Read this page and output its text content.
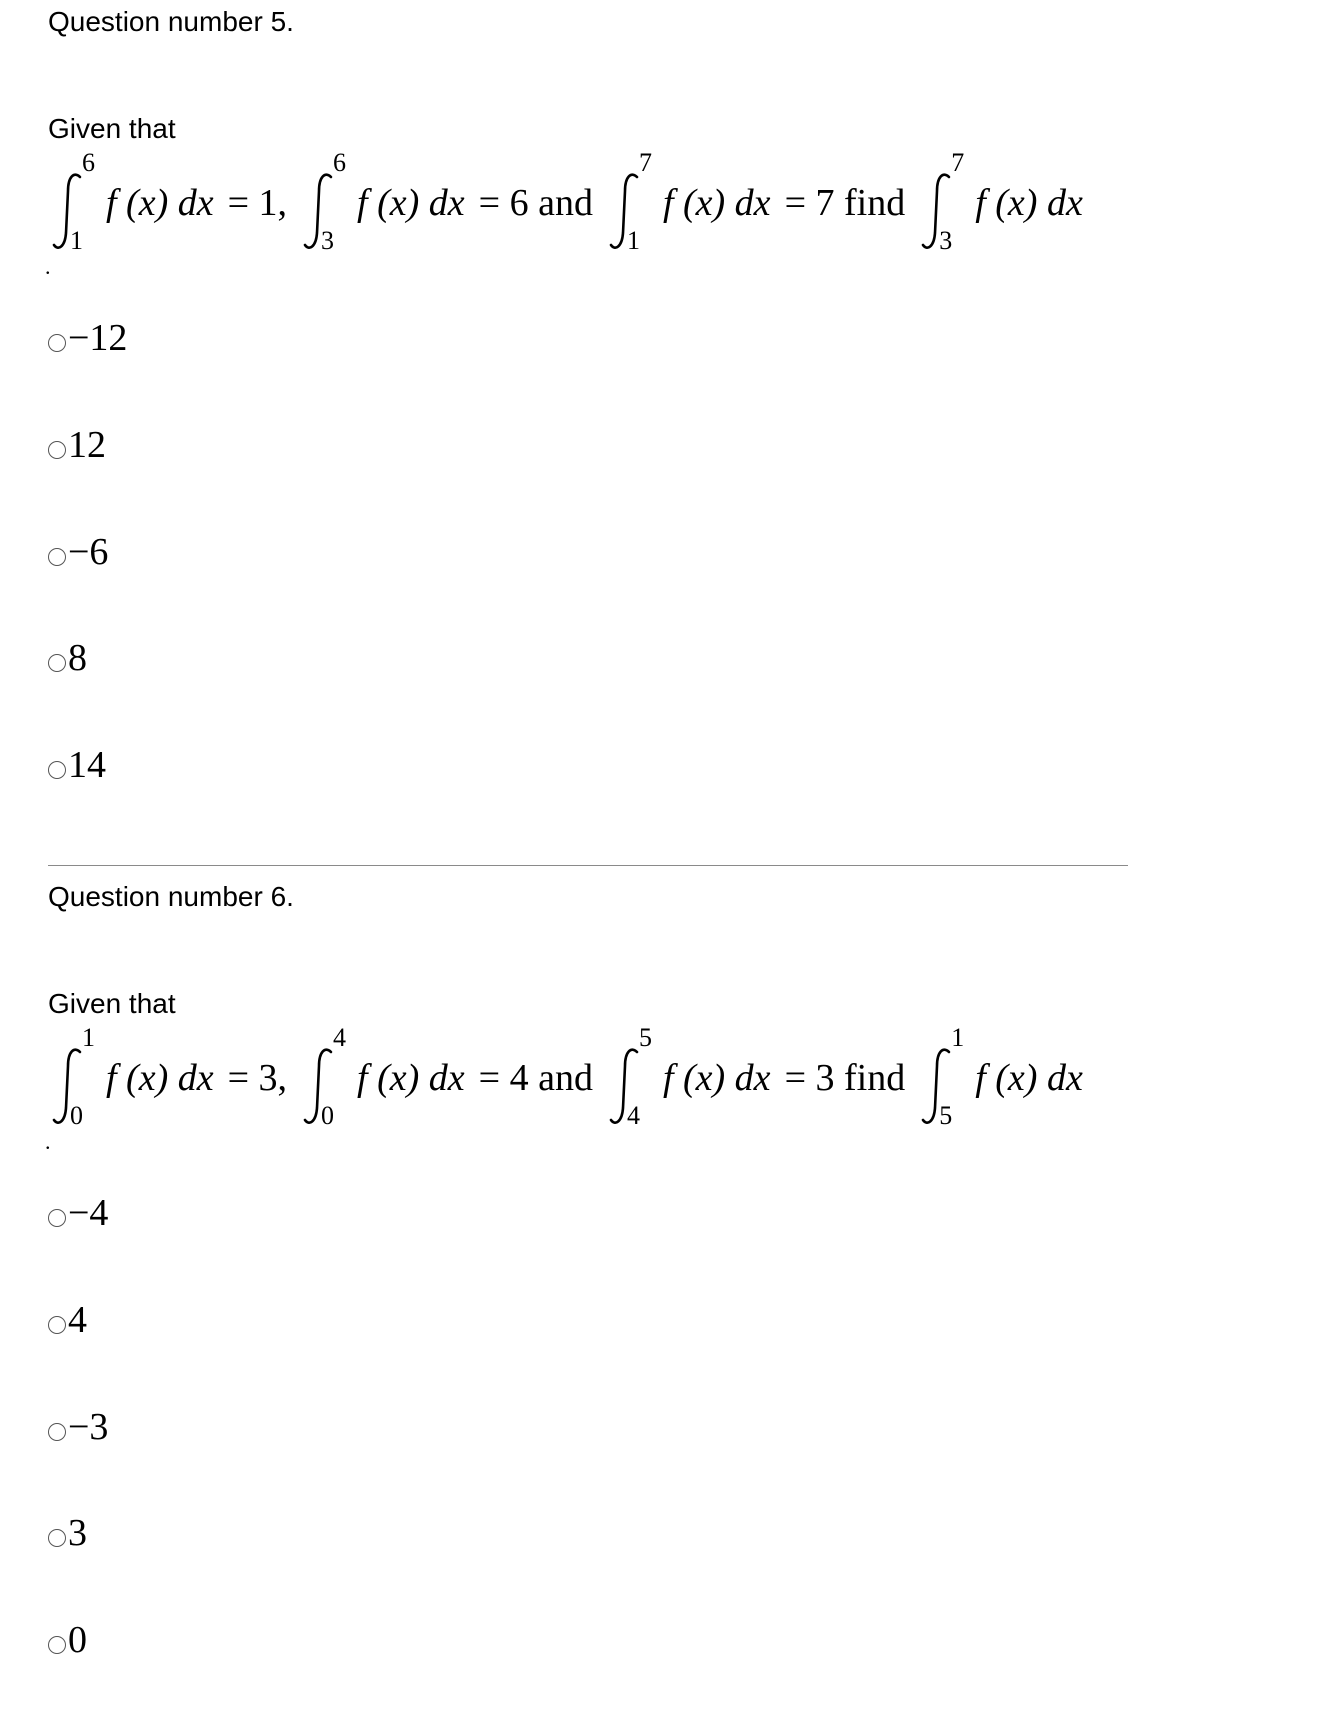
Question number 5.
Given that
6
1
f (x) dx = 1,
6
3
f (x) dx = 6 and
7
1
f (x) dx = 7 find
7
3
f (x) dx
.
−12
12
−6
8
14
Question number 6.
Given that
1
0
f (x) dx = 3,
4
0
f (x) dx = 4 and
5
4
f (x) dx = 3 find
1
5
f (x) dx
.
−4
4
−3
3
0
